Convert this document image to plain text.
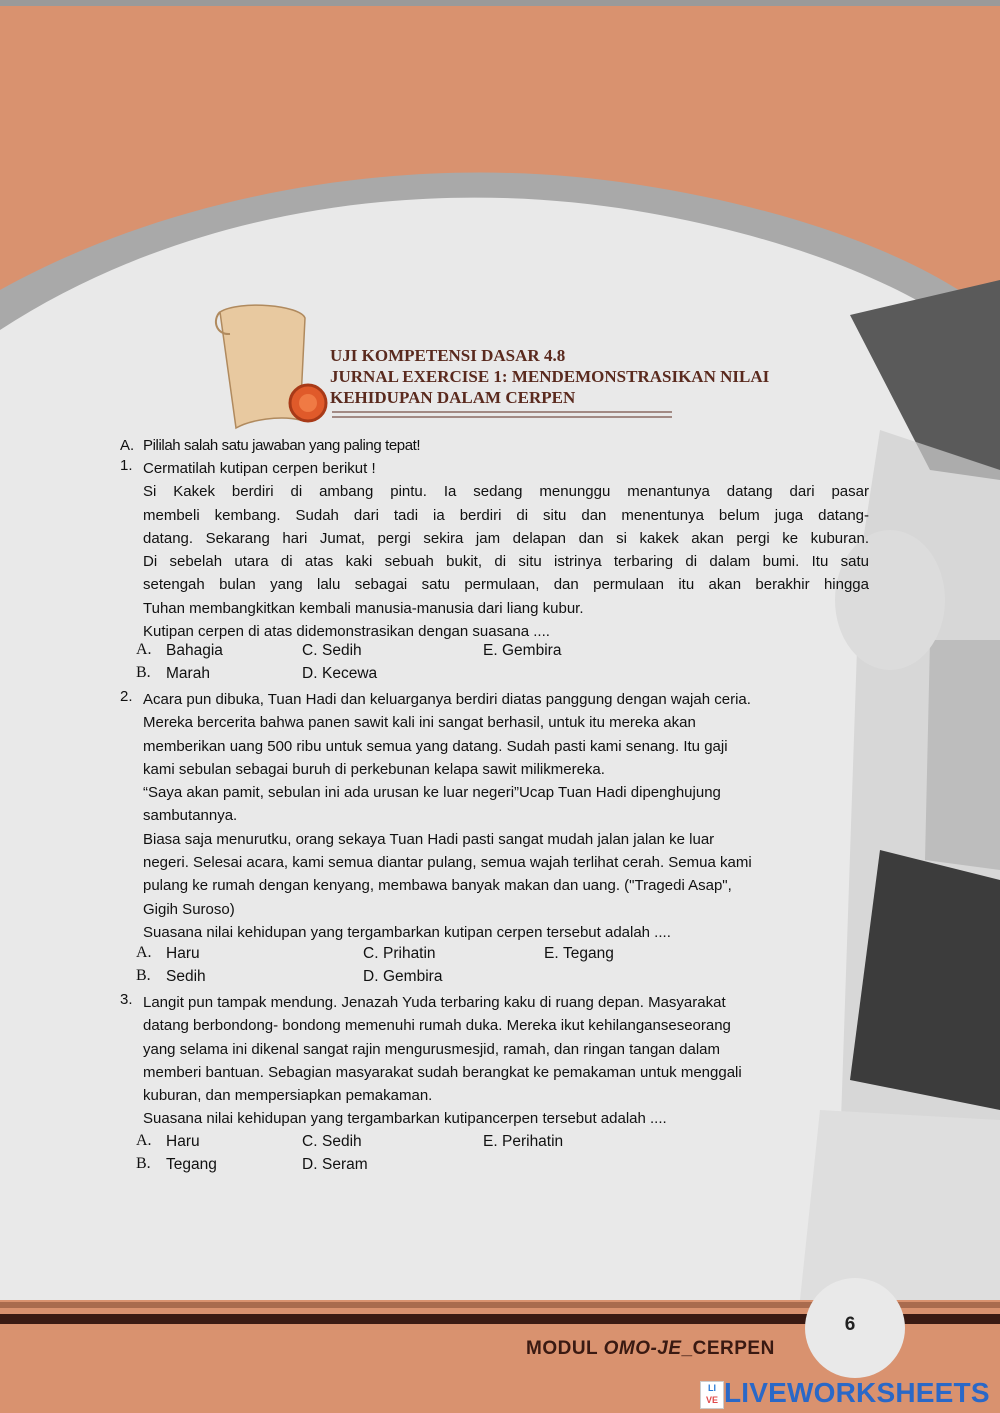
UJI KOMPETENSI DASAR 4.8
JURNAL EXERCISE 1: MENDEMONSTRASIKAN NILAI
KEHIDUPAN DALAM CERPEN
A. Pililah salah satu jawaban yang paling tepat!
1. Cermatilah kutipan cerpen berikut !
Si Kakek berdiri di ambang pintu. Ia sedang menunggu menantunya datang dari pasar
membeli kembang. Sudah dari tadi ia berdiri di situ dan menentunya belum juga datang-
datang. Sekarang hari Jumat, pergi sekira jam delapan dan si kakek akan pergi ke kuburan.
Di sebelah utara di atas kaki sebuah bukit, di situ istrinya terbaring di dalam bumi. Itu satu
setengah bulan yang lalu sebagai satu permulaan, dan permulaan itu akan berakhir hingga
Tuhan membangkitkan kembali manusia-manusia dari liang kubur.
Kutipan cerpen di atas didemonstrasikan dengan suasana ....
A. Bahagia	C. Sedih	E. Gembira
B. Marah	D. Kecewa
2. Acara pun dibuka, Tuan Hadi dan keluarganya berdiri diatas panggung dengan wajah ceria.
Mereka bercerita bahwa panen sawit kali ini sangat berhasil, untuk itu mereka akan
memberikan uang 500 ribu untuk semua yang datang. Sudah pasti kami senang. Itu gaji
kami sebulan sebagai buruh di perkebunan kelapa sawit milikmereka.
“Saya akan pamit, sebulan ini ada urusan ke luar negeri”Ucap Tuan Hadi dipenghujung
sambutannya.
Biasa saja menurutku, orang sekaya Tuan Hadi pasti sangat mudah jalan jalan ke luar
negeri. Selesai acara, kami semua diantar pulang, semua wajah terlihat cerah. Semua kami
pulang ke rumah dengan kenyang, membawa banyak makan dan uang. ("Tragedi Asap",
Gigih Suroso)
Suasana nilai kehidupan yang tergambarkan kutipan cerpen tersebut adalah ....
A. Haru	C. Prihatin	E. Tegang
B. Sedih	D. Gembira
3. Langit pun tampak mendung. Jenazah Yuda terbaring kaku di ruang depan. Masyarakat
datang berbondong- bondong memenuhi rumah duka. Mereka ikut kehilanganseseorang
yang selama ini dikenal sangat rajin mengurusmesjid, ramah, dan ringan tangan dalam
memberi bantuan. Sebagian masyarakat sudah berangkat ke pemakaman untuk menggali
kuburan, dan mempersiapkan pemakaman.
Suasana nilai kehidupan yang tergambarkan kutipancerpen tersebut adalah ....
A. Haru	C. Sedih	E. Perihatin
B. Tegang	D. Seram
MODUL OMO-JE_CERPEN
6
LI
VE LIVEWORKSHEETS
